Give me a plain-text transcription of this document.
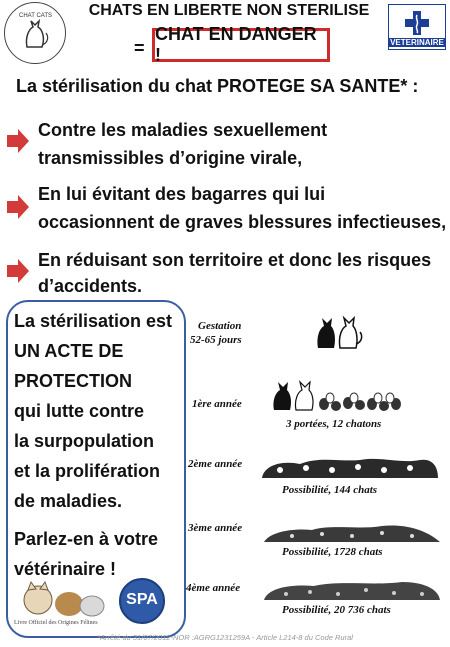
CHAT CATS CHATS EN LIBERTE NON STERILISE
=
CHAT EN DANGER !
VETERINAIRE
La stérilisation du chat PROTEGE SA SANTE* :
Contre les maladies sexuellement
transmissibles d’origine virale,
En lui évitant des bagarres qui lui
occasionnent de graves blessures infectieuses,
En réduisant son territoire et donc les risques
d’accidents.
La stérilisation est
UN ACTE DE
PROTECTION
qui lutte contre
la surpopulation
et la prolifération
de maladies.
Parlez-en à votre
vétérinaire !
Livre Officiel des Origines Félines
SPA

Gestation
52-65 jours
1ère année
2ème année
3ème année
4ème année
3 portées, 12 chatons
Possibilité, 144 chats
Possibilité, 1728 chats
Possibilité, 20 736 chats
*Arrêté du 31/07/2012-NOR :AGRG1231259A - Article L214-8 du Code Rural
